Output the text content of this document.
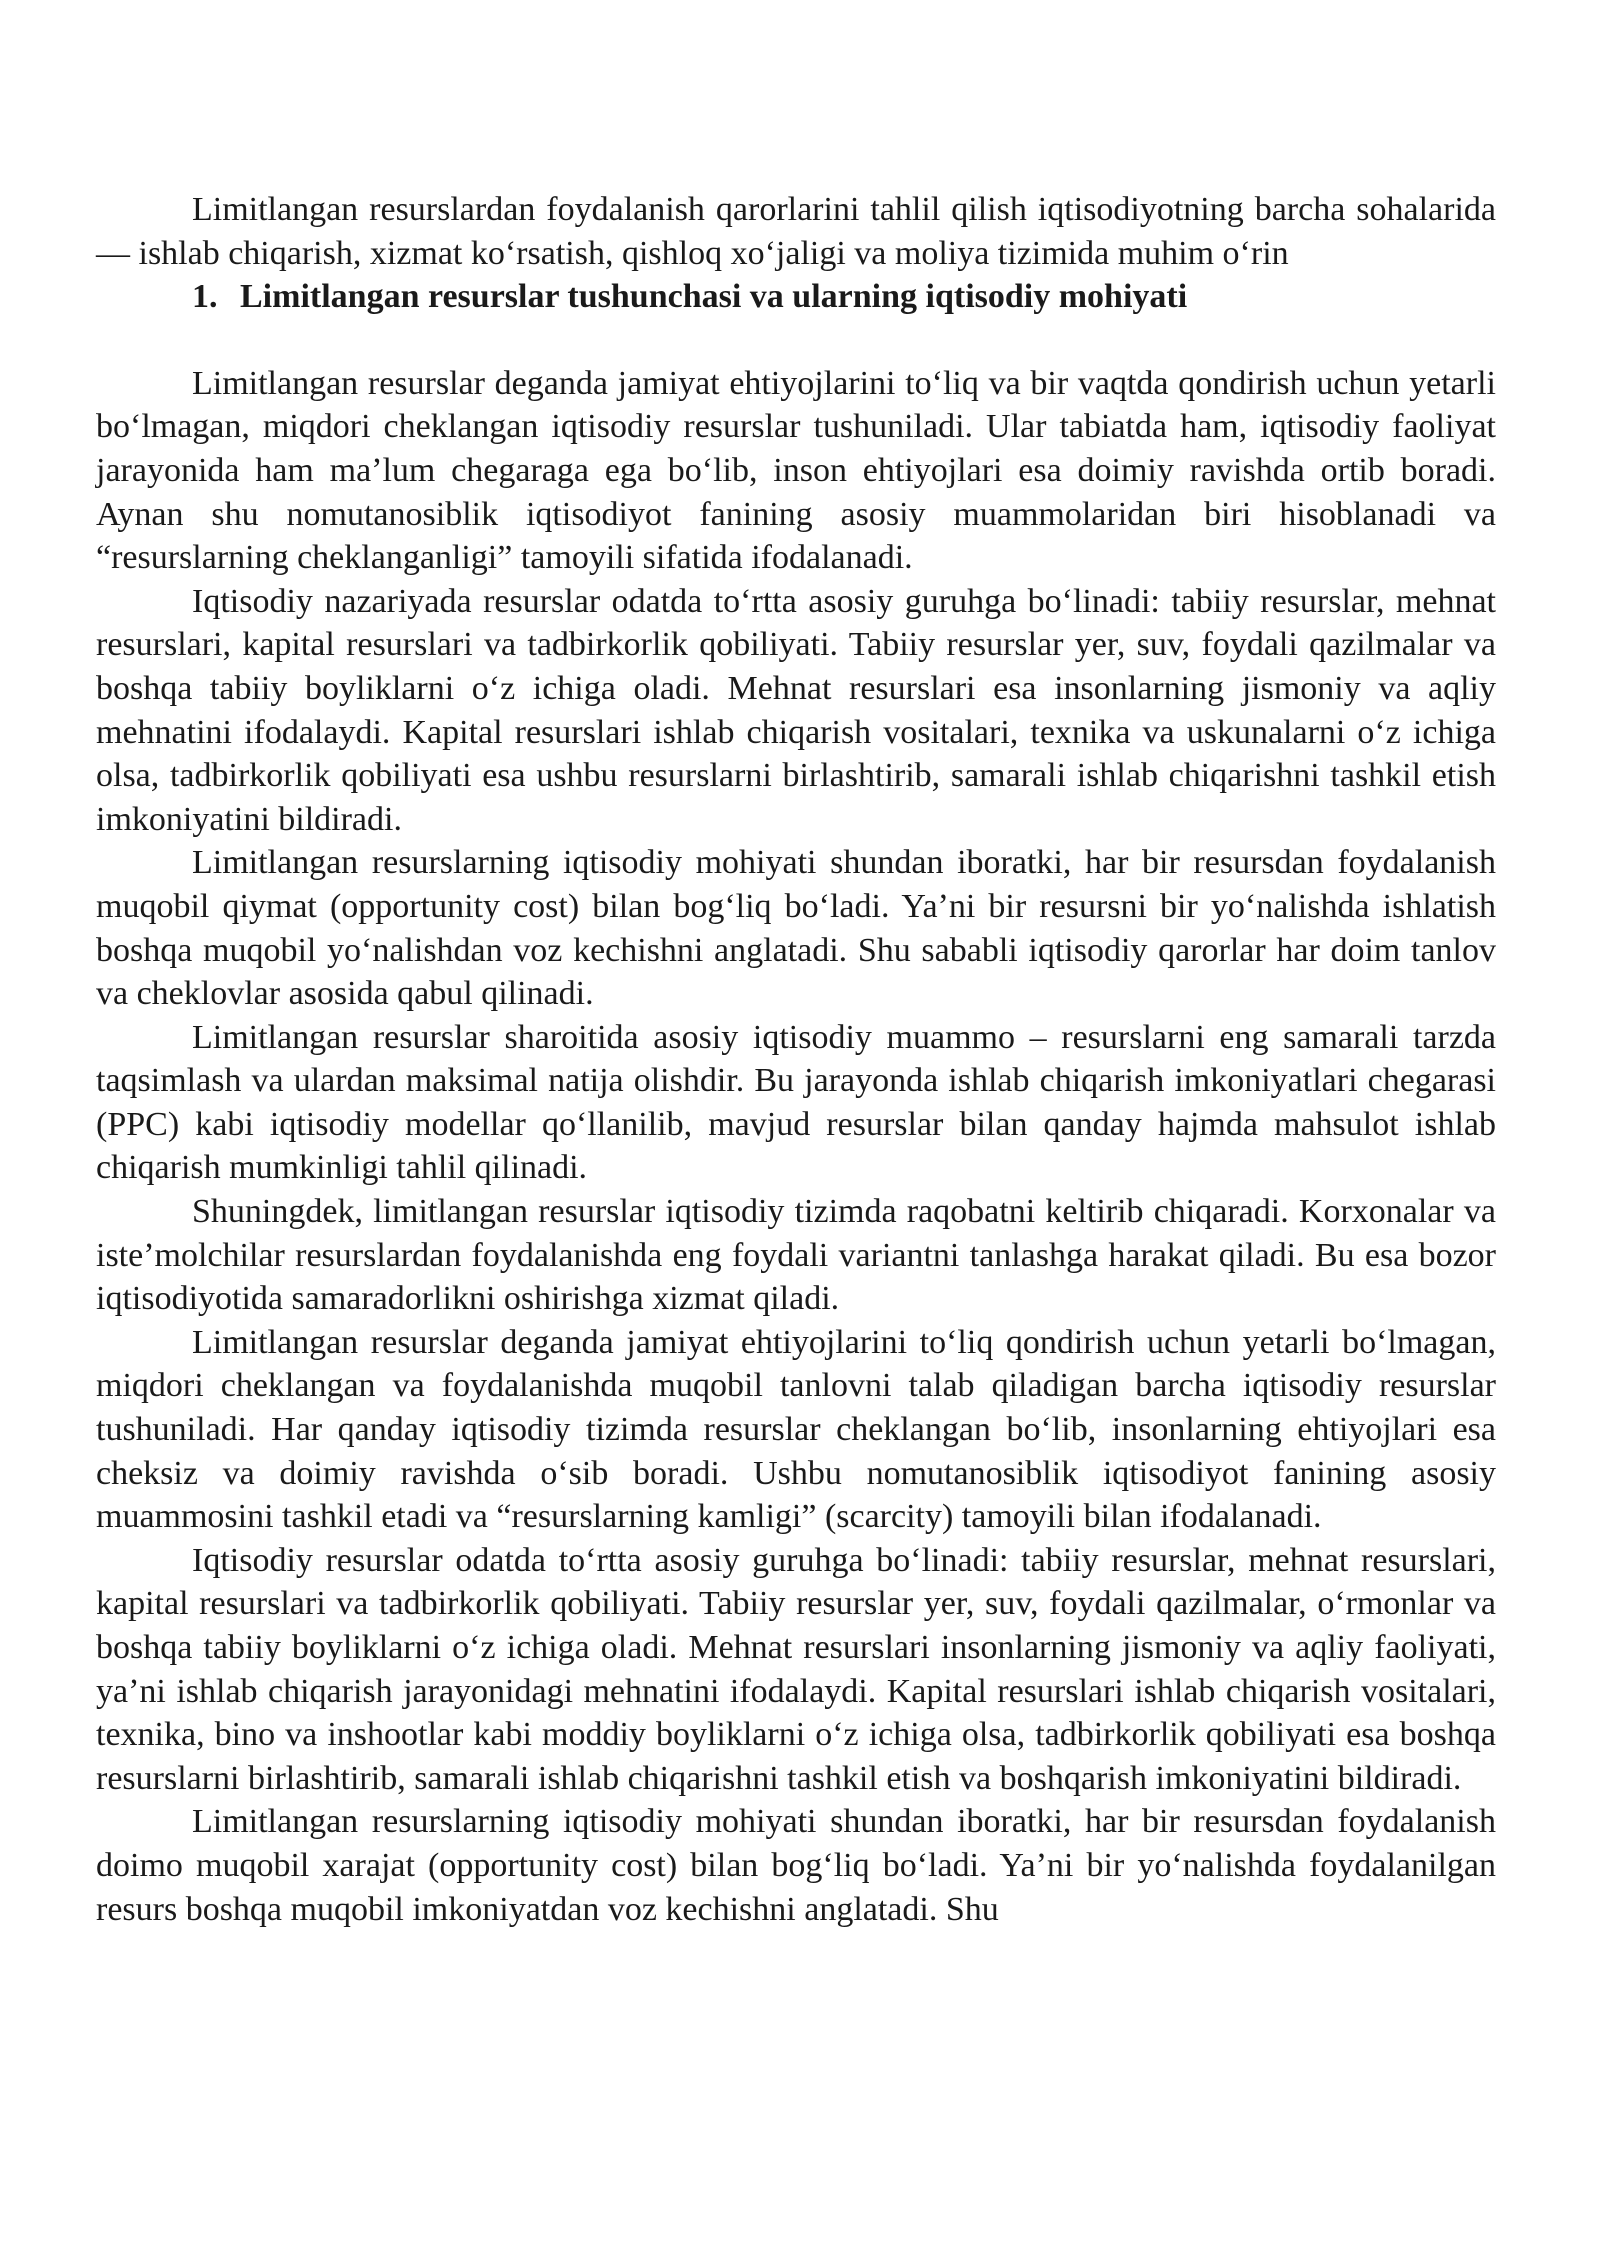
Limitlangan resurslardan foydalanish qarorlarini tahlil qilish iqtisodiyotning barcha sohalarida — ishlab chiqarish, xizmat koʻrsatish, qishloq xoʻjaligi va moliya tizimida muhim oʻrin

1. Limitlangan resurslar tushunchasi va ularning iqtisodiy mohiyati

Limitlangan resurslar deganda jamiyat ehtiyojlarini toʻliq va bir vaqtda qondirish uchun yetarli boʻlmagan, miqdori cheklangan iqtisodiy resurslar tushuniladi. Ular tabiatda ham, iqtisodiy faoliyat jarayonida ham maʼlum chegaraga ega boʻlib, inson ehtiyojlari esa doimiy ravishda ortib boradi. Aynan shu nomutanosiblik iqtisodiyot fanining asosiy muammolaridan biri hisoblanadi va “resurslarning cheklanganligi” tamoyili sifatida ifodalanadi.

Iqtisodiy nazariyada resurslar odatda toʻrtta asosiy guruhga boʻlinadi: tabiiy resurslar, mehnat resurslari, kapital resurslari va tadbirkorlik qobiliyati. Tabiiy resurslar yer, suv, foydali qazilmalar va boshqa tabiiy boyliklarni oʻz ichiga oladi. Mehnat resurslari esa insonlarning jismoniy va aqliy mehnatini ifodalaydi. Kapital resurslari ishlab chiqarish vositalari, texnika va uskunalarni oʻz ichiga olsa, tadbirkorlik qobiliyati esa ushbu resurslarni birlashtirib, samarali ishlab chiqarishni tashkil etish imkoniyatini bildiradi.

Limitlangan resurslarning iqtisodiy mohiyati shundan iboratki, har bir resursdan foydalanish muqobil qiymat (opportunity cost) bilan bogʻliq boʻladi. Yaʼni bir resursni bir yoʻnalishda ishlatish boshqa muqobil yoʻnalishdan voz kechishni anglatadi. Shu sababli iqtisodiy qarorlar har doim tanlov va cheklovlar asosida qabul qilinadi.

Limitlangan resurslar sharoitida asosiy iqtisodiy muammo – resurslarni eng samarali tarzda taqsimlash va ulardan maksimal natija olishdir. Bu jarayonda ishlab chiqarish imkoniyatlari chegarasi (PPC) kabi iqtisodiy modellar qoʻllanilib, mavjud resurslar bilan qanday hajmda mahsulot ishlab chiqarish mumkinligi tahlil qilinadi.

Shuningdek, limitlangan resurslar iqtisodiy tizimda raqobatni keltirib chiqaradi. Korxonalar va isteʼmolchilar resurslardan foydalanishda eng foydali variantni tanlashga harakat qiladi. Bu esa bozor iqtisodiyotida samaradorlikni oshirishga xizmat qiladi.

Limitlangan resurslar deganda jamiyat ehtiyojlarini toʻliq qondirish uchun yetarli boʻlmagan, miqdori cheklangan va foydalanishda muqobil tanlovni talab qiladigan barcha iqtisodiy resurslar tushuniladi. Har qanday iqtisodiy tizimda resurslar cheklangan boʻlib, insonlarning ehtiyojlari esa cheksiz va doimiy ravishda oʻsib boradi. Ushbu nomutanosiblik iqtisodiyot fanining asosiy muammosini tashkil etadi va “resurslarning kamligi” (scarcity) tamoyili bilan ifodalanadi.

Iqtisodiy resurslar odatda toʻrtta asosiy guruhga boʻlinadi: tabiiy resurslar, mehnat resurslari, kapital resurslari va tadbirkorlik qobiliyati. Tabiiy resurslar yer, suv, foydali qazilmalar, oʻrmonlar va boshqa tabiiy boyliklarni oʻz ichiga oladi. Mehnat resurslari insonlarning jismoniy va aqliy faoliyati, yaʼni ishlab chiqarish jarayonidagi mehnatini ifodalaydi. Kapital resurslari ishlab chiqarish vositalari, texnika, bino va inshootlar kabi moddiy boyliklarni oʻz ichiga olsa, tadbirkorlik qobiliyati esa boshqa resurslarni birlashtirib, samarali ishlab chiqarishni tashkil etish va boshqarish imkoniyatini bildiradi.

Limitlangan resurslarning iqtisodiy mohiyati shundan iboratki, har bir resursdan foydalanish doimo muqobil xarajat (opportunity cost) bilan bogʻliq boʻladi. Yaʼni bir yoʻnalishda foydalanilgan resurs boshqa muqobil imkoniyatdan voz kechishni anglatadi. Shu
